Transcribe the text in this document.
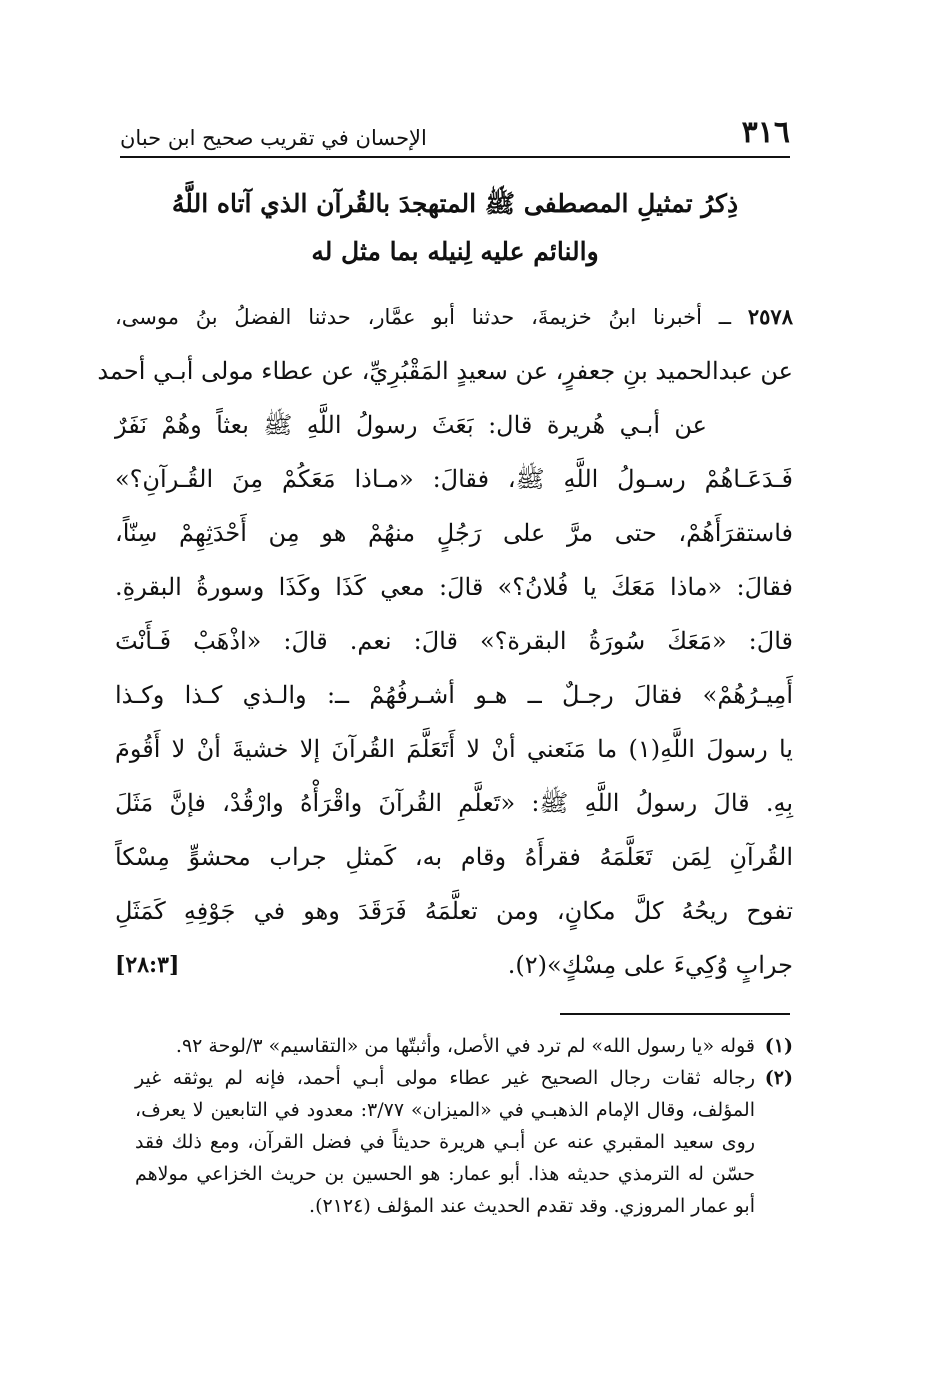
٣١٦
الإحسان في تقريب صحيح ابن حبان
ذِكرُ تمثيلِ المصطفى ﷺ المتهجدَ بالقُرآن الذي آتاه اللَّهُ
والنائم عليه لِنيله بما مثل له
٢٥٧٨ ــ أخبرنا ابنُ خزيمةَ، حدثنا أبو عمَّار، حدثنا الفضلُ بنُ موسى،
عن عبدالحميد بنِ جعفرٍ، عن سعيدٍ المَقْبُرِيِّ، عن عطاء مولى أبـي أحمد
عن أبـي هُريرة قال: بَعَثَ رسولُ اللَّهِ ﷺ بعثاً وهُمْ نَفَرٌ
فَـدَعَـاهُمْ رسـولُ اللَّهِ ﷺ، فقالَ: «مـاذا مَعَكُمْ مِنَ القُـرآنِ؟»
فاستقرَأَهُمْ، حتى مرَّ على رَجُلٍ منهُمْ هو مِن أَحْدَثِهِمْ سِنّاً،
فقالَ: «ماذا مَعَكَ يا فُلانُ؟» قالَ: معي كَذَا وكَذَا وسورةُ البقرةِ.
قالَ: «مَعَكَ سُورَةُ البقرة؟» قالَ: نعم. قالَ: «اذْهَبْ فَـأَنْتَ
أَمِيـرُهُمْ» فقالَ رجـلٌ ــ هـو أشـرفُهُمْ ــ: والـذي كـذا وكـذا
يا رسولَ اللَّهِ(١) ما مَنَعني أنْ لا أَتَعَلَّمَ القُرآنَ إلا خشيةَ أنْ لا أَقُومَ
بِهِ. قالَ رسولُ اللَّهِ ﷺ: «تَعلَّمِ القُرآنَ واقْرَأْهُ وارْقُدْ، فإنَّ مَثَلَ
القُرآنِ لِمَن تَعَلَّمَهُ فقرأَهُ وقام به، كَمثلِ جراب محشوٍّ مِسْكاً
تفوح ريحُهُ كلَّ مكانٍ، ومن تعلَّمَهُ فَرَقَدَ وهو في جَوْفِهِ كَمَثَلِ
جرابٍ وُكِيءَ على مِسْكٍ»(٢).
[٢٨:٣]
(١)
قوله «يا رسول الله» لم ترد في الأصل، وأثبتّها من «التقاسيم» ٣/لوحة ٩٢.
(٢)
رجاله ثقات رجال الصحيح غير عطاء مولى أبـي أحمد، فإنه لم يوثقه غير المؤلف، وقال الإمام الذهبـي في «الميزان» ٣/٧٧: معدود في التابعين لا يعرف، روى سعيد المقبري عنه عن أبـي هريرة حديثاً في فضل القرآن، ومع ذلك فقد حسّن له الترمذي حديثه هذا. أبو عمار: هو الحسين بن حريث الخزاعي مولاهم أبو عمار المروزي. وقد تقدم الحديث عند المؤلف (٢١٢٤).
